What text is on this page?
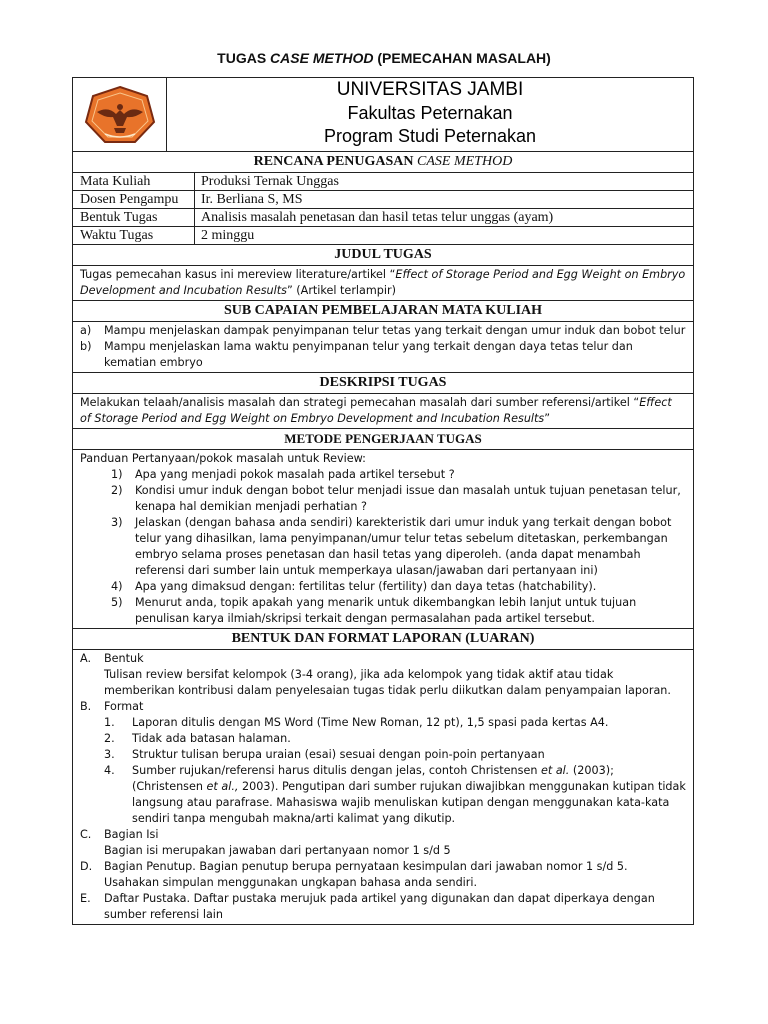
TUGAS CASE METHOD (PEMECAHAN MASALAH)
UNIVERSITAS JAMBI
Fakultas Peternakan
Program Studi Peternakan
RENCANA PENUGASAN CASE METHOD
Mata Kuliah	Produksi Ternak Unggas
Dosen Pengampu	Ir. Berliana S, MS
Bentuk Tugas	Analisis masalah penetasan dan hasil tetas telur unggas (ayam)
Waktu Tugas	2 minggu
JUDUL TUGAS
Tugas pemecahan kasus ini mereview literature/artikel “Effect of Storage Period and Egg Weight on Embryo Development and Incubation Results” (Artikel terlampir)
SUB CAPAIAN PEMBELAJARAN MATA KULIAH
a)	Mampu menjelaskan dampak penyimpanan telur tetas yang terkait dengan umur induk dan bobot telur
b)	Mampu menjelaskan lama waktu penyimpanan telur yang terkait dengan daya tetas telur dan kematian embryo
DESKRIPSI TUGAS
Melakukan telaah/analisis masalah dan strategi pemecahan masalah dari sumber referensi/artikel “Effect of Storage Period and Egg Weight on Embryo Development and Incubation Results”
METODE PENGERJAAN TUGAS
Panduan Pertanyaan/pokok masalah untuk Review:
1)	Apa yang menjadi pokok masalah pada artikel tersebut ?
2)	Kondisi umur induk dengan bobot telur menjadi issue dan masalah untuk tujuan penetasan telur, kenapa hal demikian menjadi perhatian ?
3)	Jelaskan (dengan bahasa anda sendiri) karekteristik dari umur induk yang terkait dengan bobot telur yang dihasilkan, lama penyimpanan/umur telur tetas sebelum ditetaskan, perkembangan embryo selama proses penetasan dan hasil tetas yang diperoleh. (anda dapat menambah referensi dari sumber lain untuk memperkaya ulasan/jawaban dari pertanyaan ini)
4)	Apa yang dimaksud dengan: fertilitas telur (fertility) dan daya tetas (hatchability).
5)	Menurut anda, topik apakah yang menarik untuk dikembangkan lebih lanjut untuk tujuan penulisan karya ilmiah/skripsi terkait dengan permasalahan pada artikel tersebut.
BENTUK DAN FORMAT LAPORAN (LUARAN)
A.	Bentuk
Tulisan review bersifat kelompok (3-4 orang), jika ada kelompok yang tidak aktif atau tidak memberikan kontribusi dalam penyelesaian tugas tidak perlu diikutkan dalam penyampaian laporan.
B.	Format
1.	Laporan ditulis dengan MS Word (Time New Roman, 12 pt), 1,5 spasi pada kertas A4.
2.	Tidak ada batasan halaman.
3.	Struktur tulisan berupa uraian (esai) sesuai dengan poin-poin pertanyaan
4.	Sumber rujukan/referensi harus ditulis dengan jelas, contoh Christensen et al. (2003); (Christensen et al., 2003). Pengutipan dari sumber rujukan diwajibkan menggunakan kutipan tidak langsung atau parafrase. Mahasiswa wajib menuliskan kutipan dengan menggunakan kata-kata sendiri tanpa mengubah makna/arti kalimat yang dikutip.
C.	Bagian Isi
Bagian isi merupakan jawaban dari pertanyaan nomor 1 s/d 5
D.	Bagian Penutup. Bagian penutup berupa pernyataan kesimpulan dari jawaban nomor 1 s/d 5. Usahakan simpulan menggunakan ungkapan bahasa anda sendiri.
E.	Daftar Pustaka. Daftar pustaka merujuk pada artikel yang digunakan dan dapat diperkaya dengan sumber referensi lain
